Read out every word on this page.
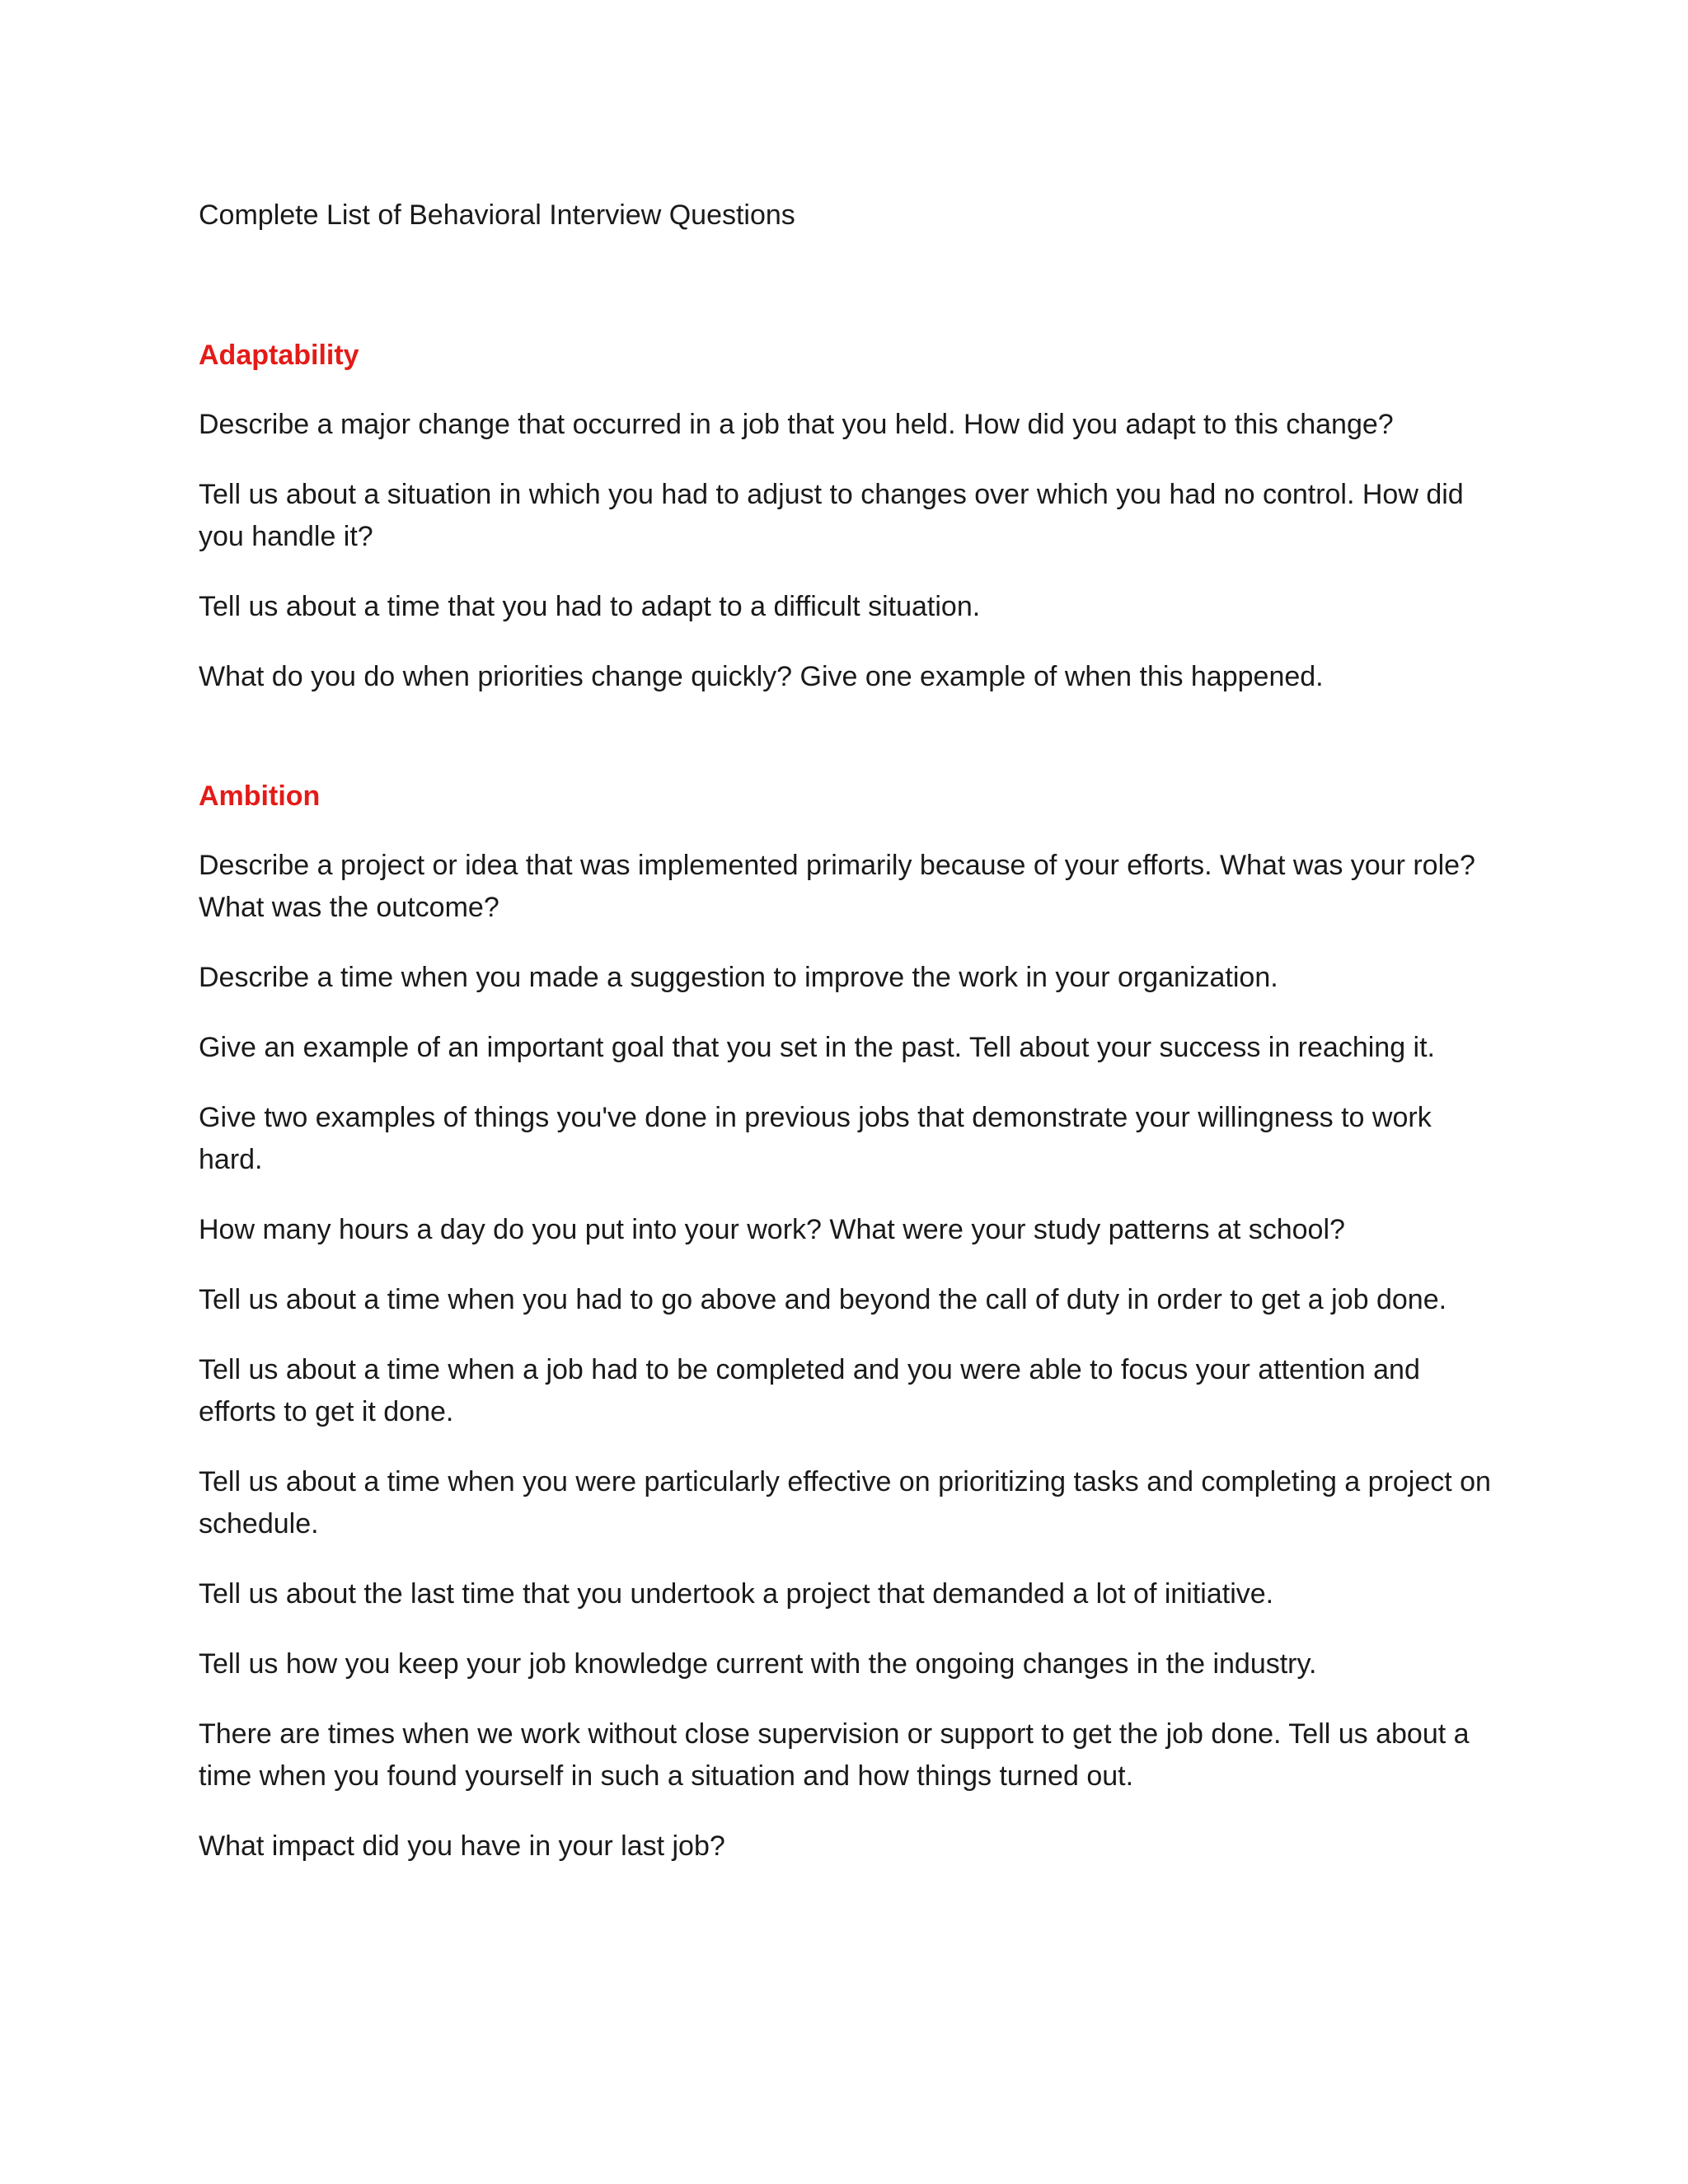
Complete List of Behavioral Interview Questions
Adaptability
Describe a major change that occurred in a job that you held. How did you adapt to this change?
Tell us about a situation in which you had to adjust to changes over which you had no control. How did you handle it?
Tell us about a time that you had to adapt to a difficult situation.
What do you do when priorities change quickly? Give one example of when this happened.
Ambition
Describe a project or idea that was implemented primarily because of your efforts. What was your role? What was the outcome?
Describe a time when you made a suggestion to improve the work in your organization.
Give an example of an important goal that you set in the past. Tell about your success in reaching it.
Give two examples of things you've done in previous jobs that demonstrate your willingness to work hard.
How many hours a day do you put into your work? What were your study patterns at school?
Tell us about a time when you had to go above and beyond the call of duty in order to get a job done.
Tell us about a time when a job had to be completed and you were able to focus your attention and efforts to get it done.
Tell us about a time when you were particularly effective on prioritizing tasks and completing a project on schedule.
Tell us about the last time that you undertook a project that demanded a lot of initiative.
Tell us how you keep your job knowledge current with the ongoing changes in the industry.
There are times when we work without close supervision or support to get the job done. Tell us about a time when you found yourself in such a situation and how things turned out.
What impact did you have in your last job?
